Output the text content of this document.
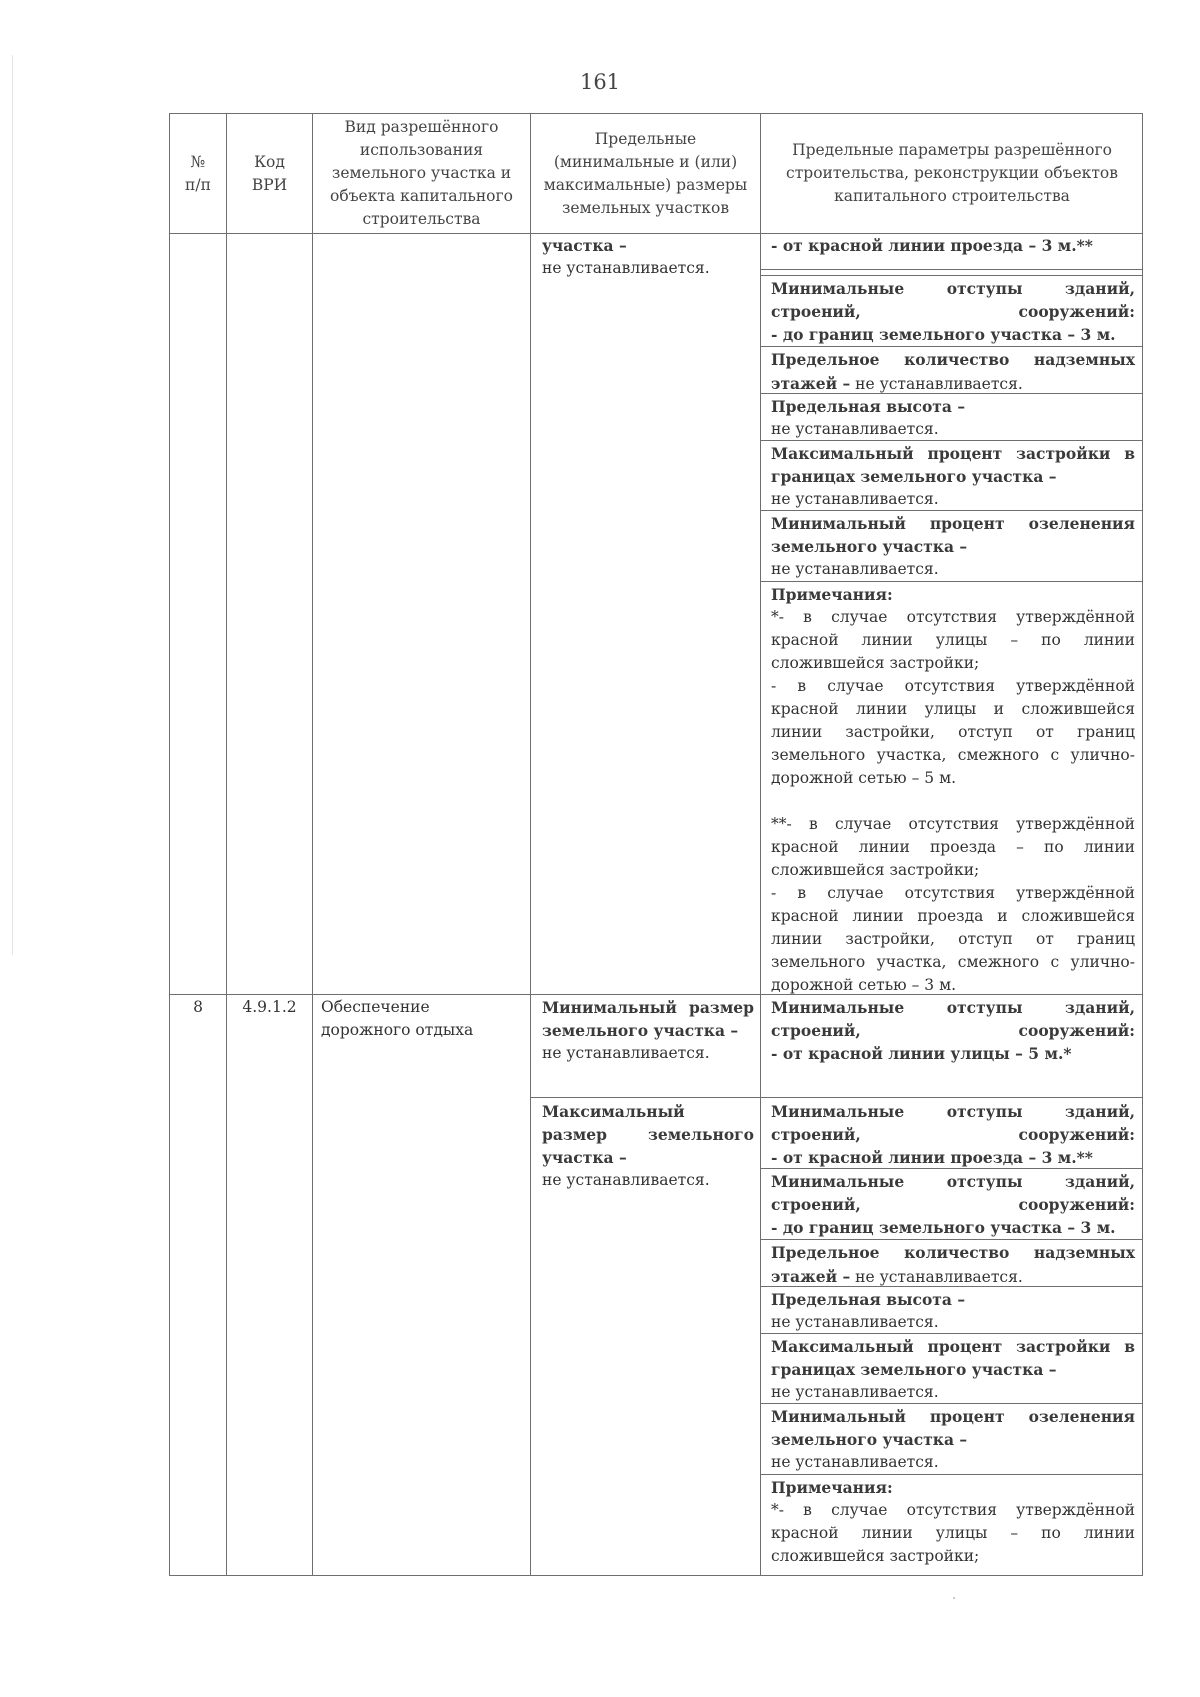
161
№
п/п
Код
ВРИ
Вид разрешённого использования земельного участка и объекта капитального строительства
Предельные (минимальные и (или) максимальные) размеры земельных участков
Предельные параметры разрешённого строительства, реконструкции объектов капитального строительства
участка –
не устанавливается.
- от красной линии проезда – 3 м.**
Минимальные отступы зданий, строений, сооружений:
- до границ земельного участка – 3 м.
Предельное количество надземных этажей – не устанавливается.
Предельная высота –
не устанавливается.
Максимальный процент застройки в границах земельного участка –
не устанавливается.
Минимальный процент озеленения земельного участка –
не устанавливается.
Примечания:
*- в случае отсутствия утверждённой красной линии улицы – по линии сложившейся застройки;
- в случае отсутствия утверждённой красной линии улицы и сложившейся линии застройки, отступ от границ земельного участка, смежного с улично-дорожной сетью – 5 м.
**- в случае отсутствия утверждённой красной линии проезда – по линии сложившейся застройки;
- в случае отсутствия утверждённой красной линии проезда и сложившейся линии застройки, отступ от границ земельного участка, смежного с улично-дорожной сетью – 3 м.
8	4.9.1.2	Обеспечение дорожного отдыха
Минимальный размер земельного участка –
не устанавливается.
Максимальный размер земельного участка –
не устанавливается.
Минимальные отступы зданий, строений, сооружений:
- от красной линии улицы – 5 м.*
Минимальные отступы зданий, строений, сооружений:
- от красной линии проезда – 3 м.**
Минимальные отступы зданий, строений, сооружений:
- до границ земельного участка – 3 м.
Предельное количество надземных этажей – не устанавливается.
Предельная высота –
не устанавливается.
Максимальный процент застройки в границах земельного участка –
не устанавливается.
Минимальный процент озеленения земельного участка –
не устанавливается.
Примечания:
*- в случае отсутствия утверждённой красной линии улицы – по линии сложившейся застройки;
